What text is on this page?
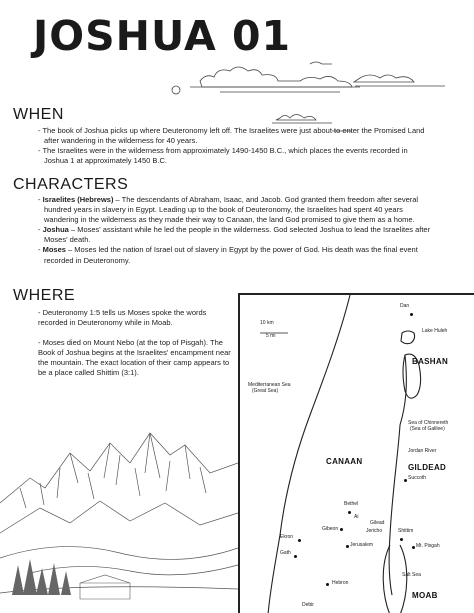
JOSHUA 01
WHEN
- The book of Joshua picks up where Deuteronomy left off. The Israelites were just about to enter the Promised Land after wandering in the wilderness for 40 years.
- The Israelites were in the wilderness from approximately 1490-1450 B.C., which places the events recorded in Joshua 1 at approximately 1450 B.C.
CHARACTERS
- Israelites (Hebrews) – The descendants of Abraham, Isaac, and Jacob. God granted them freedom after several hundred years in slavery in Egypt. Leading up to the book of Deuteronomy, the Israelites had spent 40 years wandering in the wilderness as they made their way to Canaan, the land God promised to give them as a home.
- Joshua – Moses' assistant while he led the people in the wilderness. God selected Joshua to lead the Israelites after Moses' death.
- Moses – Moses led the nation of Israel out of slavery in Egypt by the power of God. His death was the final event recorded in Deuteronomy.
WHERE

- Deuteronomy 1:5 tells us Moses spoke the words recorded in Deuteronomy while in Moab.

- Moses died on Mount Nebo (at the top of Pisgah). The Book of Joshua begins at the Israelites' encampment near the mountain. The exact location of their camp appears to be a place called Shittim (3:1).

10 km
5 mi
Dan
Lake Huleh
BASHAN
Mediterranean Sea
(Great Sea)
Sea of Chinnereth
(Sea of Galilee)
Jordan River
CANAAN
GILDEAD
Succoth
Bethel
Ai
Gilead
Gibeon	Jericho	Shittim
Ekron
Jerusalem	Mt. Pisgah
Gath
Salt Sea
Hebron
MOAB
Debir
